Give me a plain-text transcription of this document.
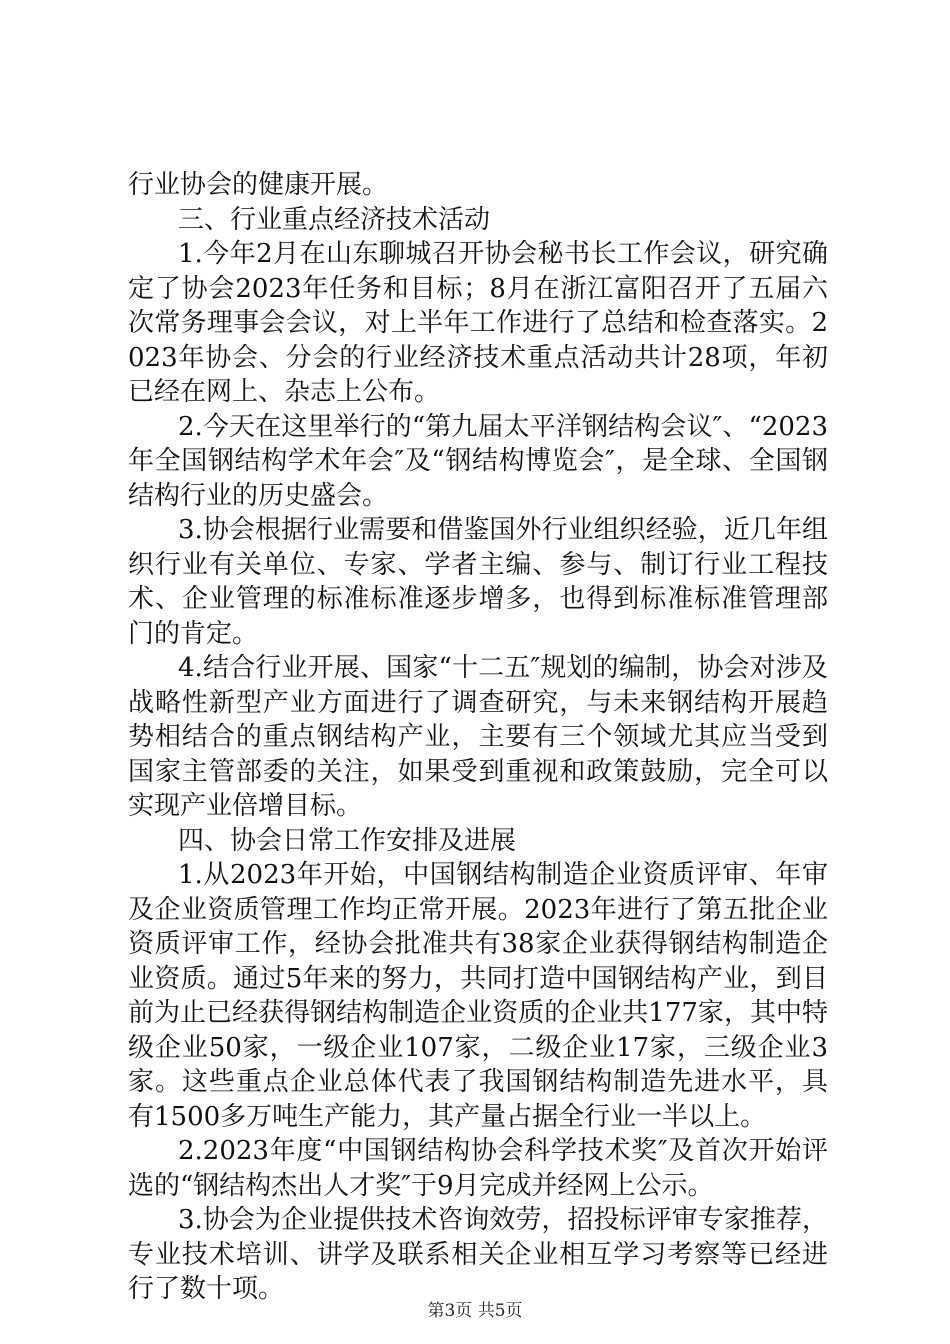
行业协会的健康开展。

三、行业重点经济技术活动

1.今年2月在山东聊城召开协会秘书长工作会议，研究确定了协会2023年任务和目标；8月在浙江富阳召开了五届六次常务理事会会议，对上半年工作进行了总结和检查落实。2023年协会、分会的行业经济技术重点活动共计28项，年初已经在网上、杂志上公布。

2.今天在这里举行的“第九届太平洋钢结构会议″、“2023年全国钢结构学术年会″及“钢结构博览会″，是全球、全国钢结构行业的历史盛会。

3.协会根据行业需要和借鉴国外行业组织经验，近几年组织行业有关单位、专家、学者主编、参与、制订行业工程技术、企业管理的标准标准逐步增多，也得到标准标准管理部门的肯定。

4.结合行业开展、国家“十二五″规划的编制，协会对涉及战略性新型产业方面进行了调查研究，与未来钢结构开展趋势相结合的重点钢结构产业，主要有三个领域尤其应当受到国家主管部委的关注，如果受到重视和政策鼓励，完全可以实现产业倍增目标。

四、协会日常工作安排及进展

1.从2023年开始，中国钢结构制造企业资质评审、年审及企业资质管理工作均正常开展。2023年进行了第五批企业资质评审工作，经协会批准共有38家企业获得钢结构制造企业资质。通过5年来的努力，共同打造中国钢结构产业，到目前为止已经获得钢结构制造企业资质的企业共177家，其中特级企业50家，一级企业107家，二级企业17家，三级企业3家。这些重点企业总体代表了我国钢结构制造先进水平，具有1500多万吨生产能力，其产量占据全行业一半以上。

2.2023年度“中国钢结构协会科学技术奖″及首次开始评选的“钢结构杰出人才奖″于9月完成并经网上公示。

3.协会为企业提供技术咨询效劳，招投标评审专家推荐，专业技术培训、讲学及联系相关企业相互学习考察等已经进行了数十项。

第3页 共5页
